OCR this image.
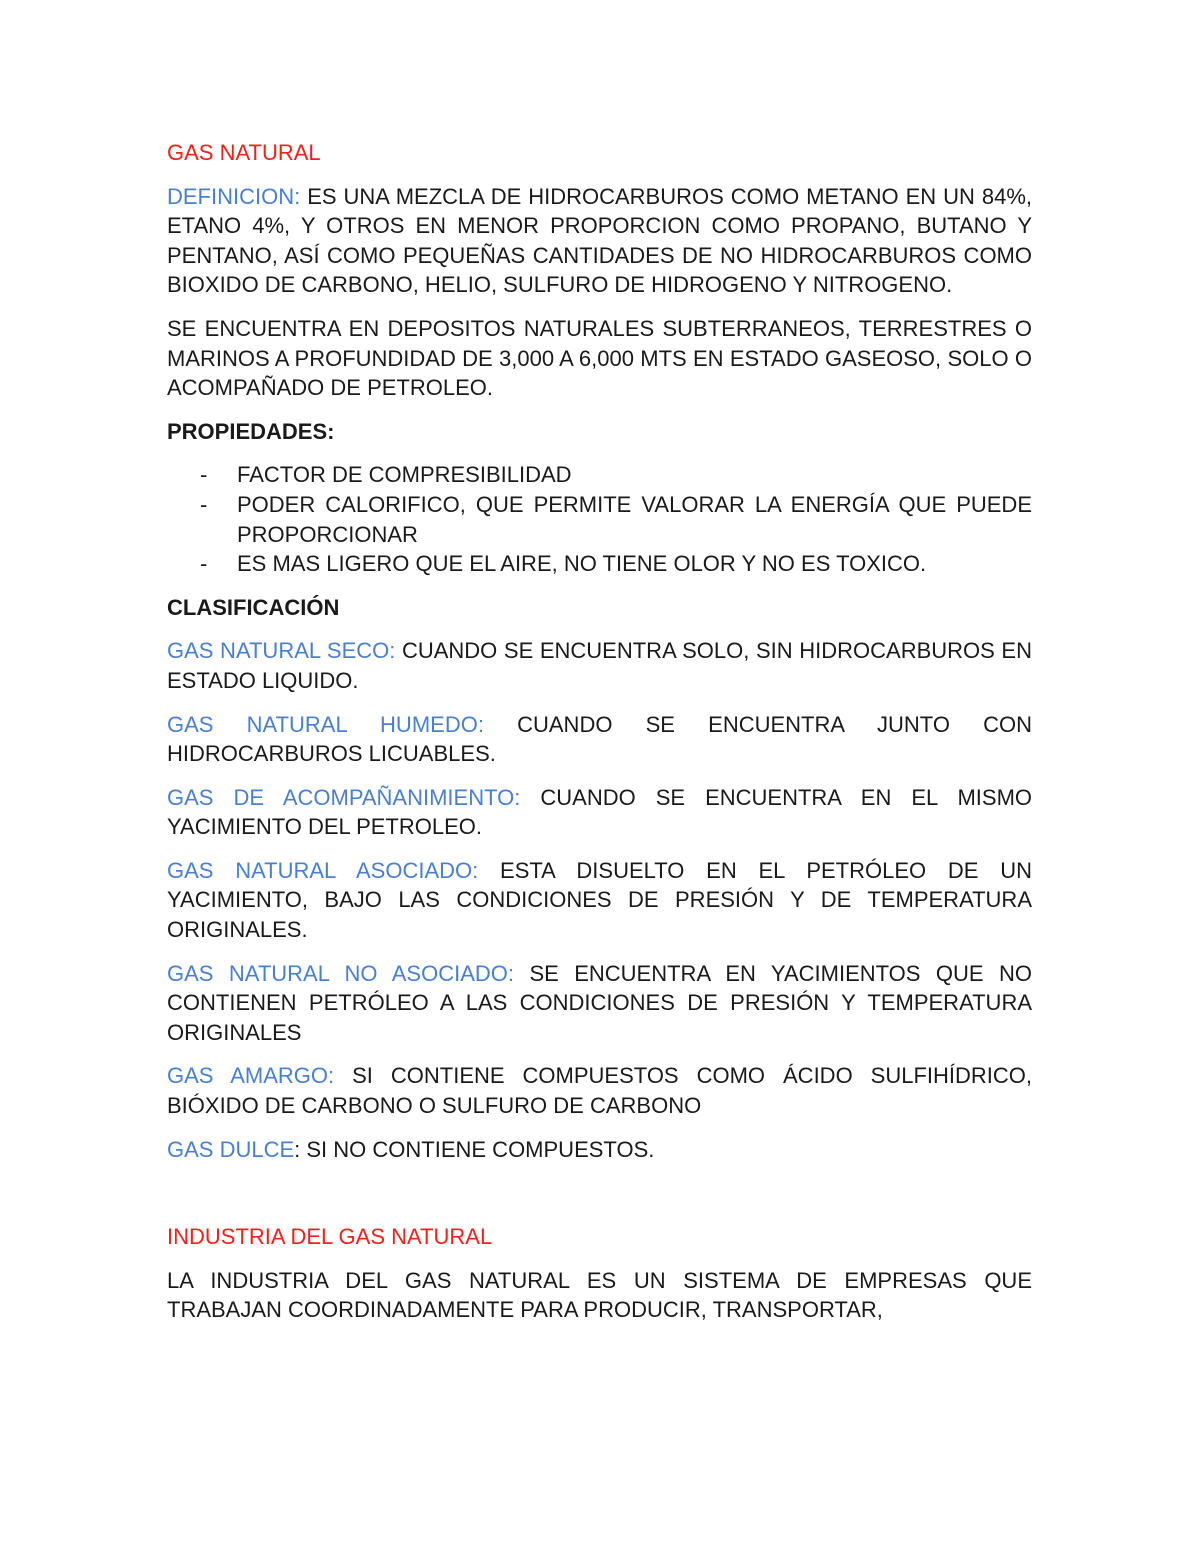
GAS NATURAL

DEFINICION: ES UNA MEZCLA DE HIDROCARBUROS COMO METANO EN UN 84%, ETANO 4%, Y OTROS EN MENOR PROPORCION COMO PROPANO, BUTANO Y PENTANO, ASÍ COMO PEQUEÑAS CANTIDADES DE NO HIDROCARBUROS COMO BIOXIDO DE CARBONO, HELIO, SULFURO DE HIDROGENO Y NITROGENO.

SE ENCUENTRA EN DEPOSITOS NATURALES SUBTERRANEOS, TERRESTRES O MARINOS A PROFUNDIDAD DE 3,000 A 6,000 MTS EN ESTADO GASEOSO, SOLO O ACOMPAÑADO DE PETROLEO.

PROPIEDADES:

- FACTOR DE COMPRESIBILIDAD
- PODER CALORIFICO, QUE PERMITE VALORAR LA ENERGÍA QUE PUEDE PROPORCIONAR
- ES MAS LIGERO QUE EL AIRE, NO TIENE OLOR Y NO ES TOXICO.

CLASIFICACIÓN

GAS NATURAL SECO: CUANDO SE ENCUENTRA SOLO, SIN HIDROCARBUROS EN ESTADO LIQUIDO.

GAS NATURAL HUMEDO: CUANDO SE ENCUENTRA JUNTO CON HIDROCARBUROS LICUABLES.

GAS DE ACOMPAÑANIMIENTO: CUANDO SE ENCUENTRA EN EL MISMO YACIMIENTO DEL PETROLEO.

GAS NATURAL ASOCIADO: ESTA DISUELTO EN EL PETRÓLEO DE UN YACIMIENTO, BAJO LAS CONDICIONES DE PRESIÓN Y DE TEMPERATURA ORIGINALES.

GAS NATURAL NO ASOCIADO: SE ENCUENTRA EN YACIMIENTOS QUE NO CONTIENEN PETRÓLEO A LAS CONDICIONES DE PRESIÓN Y TEMPERATURA ORIGINALES

GAS AMARGO: SI CONTIENE COMPUESTOS COMO ÁCIDO SULFIHÍDRICO, BIÓXIDO DE CARBONO O SULFURO DE CARBONO

GAS DULCE: SI NO CONTIENE COMPUESTOS.

INDUSTRIA DEL GAS NATURAL

LA INDUSTRIA DEL GAS NATURAL ES UN SISTEMA DE EMPRESAS QUE TRABAJAN COORDINADAMENTE PARA PRODUCIR, TRANSPORTAR,
